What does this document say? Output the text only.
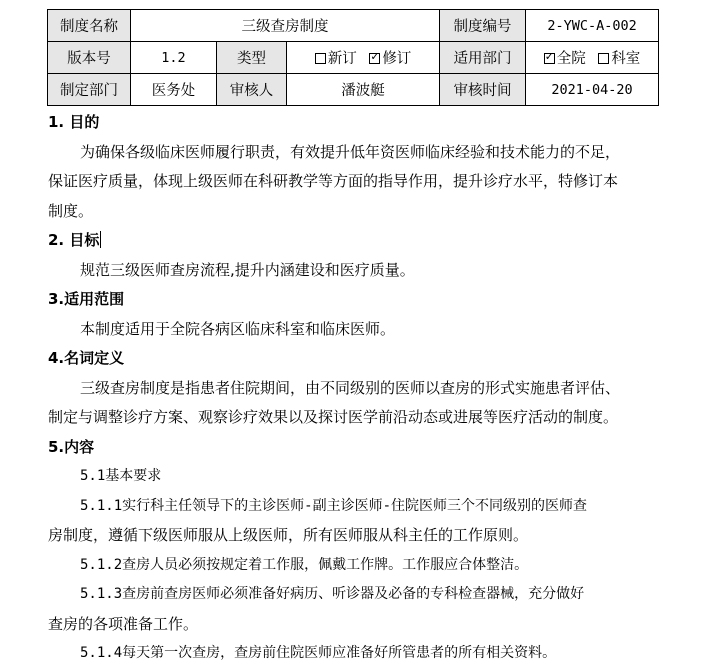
制度名称	三级查房制度			制度编号	2-YWC-A-002
版本号	1.2	类型	新订 ✓ 修订	适用部门	✓全院 科室
制定部门	医务处	审核人	潘波艇	审核时间	2021-04-20
1. 目的
为确保各级临床医师履行职责，有效提升低年资医师临床经验和技术能力的不足，
保证医疗质量，体现上级医师在科研教学等方面的指导作用，提升诊疗水平，特修订本
制度。
2. 目标
规范三级医师查房流程,提升内涵建设和医疗质量。
3.适用范围
本制度适用于全院各病区临床科室和临床医师。
4.名词定义
三级查房制度是指患者住院期间，由不同级别的医师以查房的形式实施患者评估、
制定与调整诊疗方案、观察诊疗效果以及探讨医学前沿动态或进展等医疗活动的制度。
5.内容
5.1基本要求
5.1.1实行科主任领导下的主诊医师-副主诊医师-住院医师三个不同级别的医师查
房制度，遵循下级医师服从上级医师，所有医师服从科主任的工作原则。
5.1.2查房人员必须按规定着工作服，佩戴工作牌。工作服应合体整洁。
5.1.3查房前查房医师必须准备好病历、听诊器及必备的专科检查器械，充分做好
查房的各项准备工作。
5.1.4每天第一次查房，查房前住院医师应准备好所管患者的所有相关资料。
